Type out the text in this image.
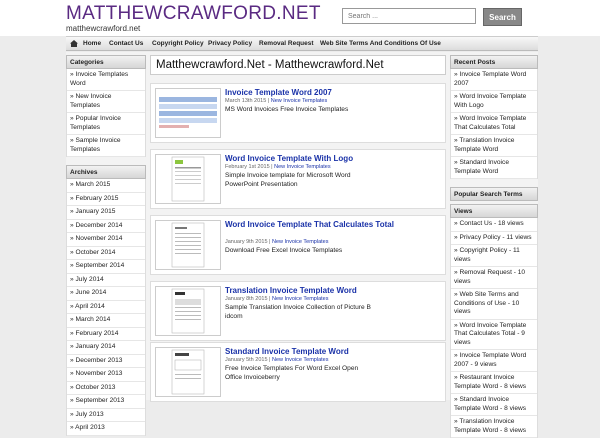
MATTHEWCRAWFORD.NET
matthewcrawford.net
Search ...
Search
Home Contact Us Copyright Policy Privacy Policy Removal Request Web Site Terms And Conditions Of Use
Categories
» Invoice Templates Word
» New Invoice Templates
» Popular Invoice Templates
» Sample Invoice Templates
Archives
» March 2015
» February 2015
» January 2015
» December 2014
» November 2014
» October 2014
» September 2014
» July 2014
» June 2014
» April 2014
» March 2014
» February 2014
» January 2014
» December 2013
» November 2013
» October 2013
» September 2013
» July 2013
» April 2013
Matthewcrawford.Net - Matthewcrawford.Net
Invoice Template Word 2007
March 13th 2015 | New Invoice Templates
MS Word Invoices Free Invoice Templates
Word Invoice Template With Logo
February 1st 2015 | New Invoice Templates
Simple Invoice template for Microsoft Word PowerPoint Presentation
Word Invoice Template That Calculates Total
January 9th 2015 | New Invoice Templates
Download Free Excel Invoice Templates
Translation Invoice Template Word
January 8th 2015 | New Invoice Templates
Sample Translation Invoice Collection of Picture B idcom
Standard Invoice Template Word
January 5th 2015 | New Invoice Templates
Free Invoice Templates For Word Excel Open Office Invoiceberry
Recent Posts
» Invoice Template Word 2007
» Word Invoice Template With Logo
» Word Invoice Template That Calculates Total
» Translation Invoice Template Word
» Standard Invoice Template Word
Popular Search Terms
Views
» Contact Us - 18 views
» Privacy Policy - 11 views
» Copyright Policy - 11 views
» Removal Request - 10 views
» Web Site Terms and Conditions of Use - 10 views
» Word Invoice Template That Calculates Total - 9 views
» Invoice Template Word 2007 - 9 views
» Restaurant Invoice Template Word - 8 views
» Standard Invoice Template Word - 8 views
» Translation Invoice Template Word - 8 views
